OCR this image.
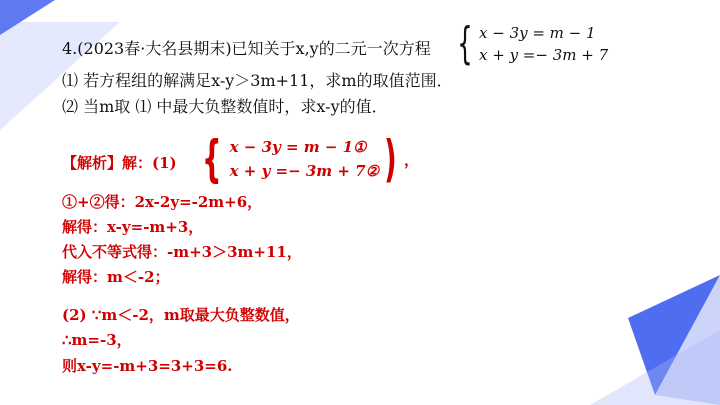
4.(2023春·大名县期末)已知关于x,y的二元一次方程 { x − 3y = m − 1
x + y =− 3m + 7
⑴ 若方程组的解满足x-y＞3m+11，求m的取值范围．
⑵ 当m取 ⑴ 中最大负整数值时，求x-y的值．
【解析】解：(1) { x − 3y = m − 1①
x + y =− 3m + 7② ) ，
①+②得：2x-2y=-2m+6，
解得：x-y=-m+3，
代入不等式得：-m+3＞3m+11，
解得：m＜-2；
(2) ∵m＜-2，m取最大负整数值，
∴m=-3，
则x-y=-m+3=3+3=6.
